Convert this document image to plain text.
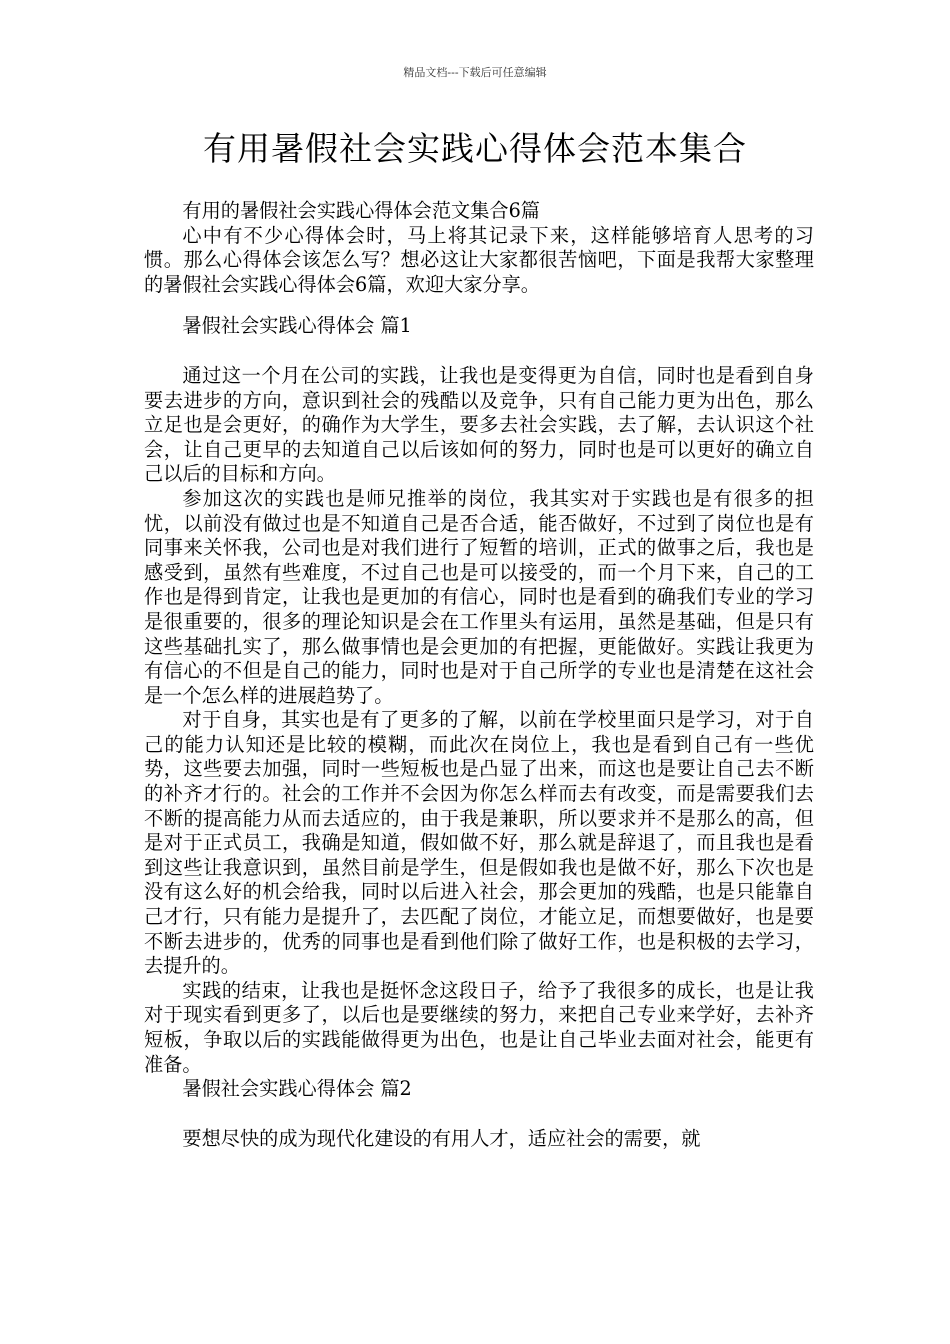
精品文档---下载后可任意编辑
有用暑假社会实践心得体会范本集合

有用的暑假社会实践心得体会范文集合6篇

心中有不少心得体会时，马上将其记录下来，这样能够培育人思考的习惯。那么心得体会该怎么写？想必这让大家都很苦恼吧，下面是我帮大家整理的暑假社会实践心得体会6篇，欢迎大家分享。

暑假社会实践心得体会 篇1

通过这一个月在公司的实践，让我也是变得更为自信，同时也是看到自身要去进步的方向，意识到社会的残酷以及竞争，只有自己能力更为出色，那么立足也是会更好，的确作为大学生，要多去社会实践，去了解，去认识这个社会，让自己更早的去知道自己以后该如何的努力，同时也是可以更好的确立自己以后的目标和方向。

参加这次的实践也是师兄推举的岗位，我其实对于实践也是有很多的担忧，以前没有做过也是不知道自己是否合适，能否做好，不过到了岗位也是有同事来关怀我，公司也是对我们进行了短暂的培训，正式的做事之后，我也是感受到，虽然有些难度，不过自己也是可以接受的，而一个月下来，自己的工作也是得到肯定，让我也是更加的有信心，同时也是看到的确我们专业的学习是很重要的，很多的理论知识是会在工作里头有运用，虽然是基础，但是只有这些基础扎实了，那么做事情也是会更加的有把握，更能做好。实践让我更为有信心的不但是自己的能力，同时也是对于自己所学的专业也是清楚在这社会是一个怎么样的进展趋势了。

对于自身，其实也是有了更多的了解，以前在学校里面只是学习，对于自己的能力认知还是比较的模糊，而此次在岗位上，我也是看到自己有一些优势，这些要去加强，同时一些短板也是凸显了出来，而这也是要让自己去不断的补齐才行的。社会的工作并不会因为你怎么样而去有改变，而是需要我们去不断的提高能力从而去适应的，由于我是兼职，所以要求并不是那么的高，但是对于正式员工，我确是知道，假如做不好，那么就是辞退了，而且我也是看到这些让我意识到，虽然目前是学生，但是假如我也是做不好，那么下次也是没有这么好的机会给我，同时以后进入社会，那会更加的残酷，也是只能靠自己才行，只有能力是提升了，去匹配了岗位，才能立足，而想要做好，也是要不断去进步的，优秀的同事也是看到他们除了做好工作，也是积极的去学习，去提升的。

实践的结束，让我也是挺怀念这段日子，给予了我很多的成长，也是让我对于现实看到更多了，以后也是要继续的努力，来把自己专业来学好，去补齐短板，争取以后的实践能做得更为出色，也是让自己毕业去面对社会，能更有准备。

暑假社会实践心得体会 篇2

要想尽快的成为现代化建设的有用人才，适应社会的需要，就
